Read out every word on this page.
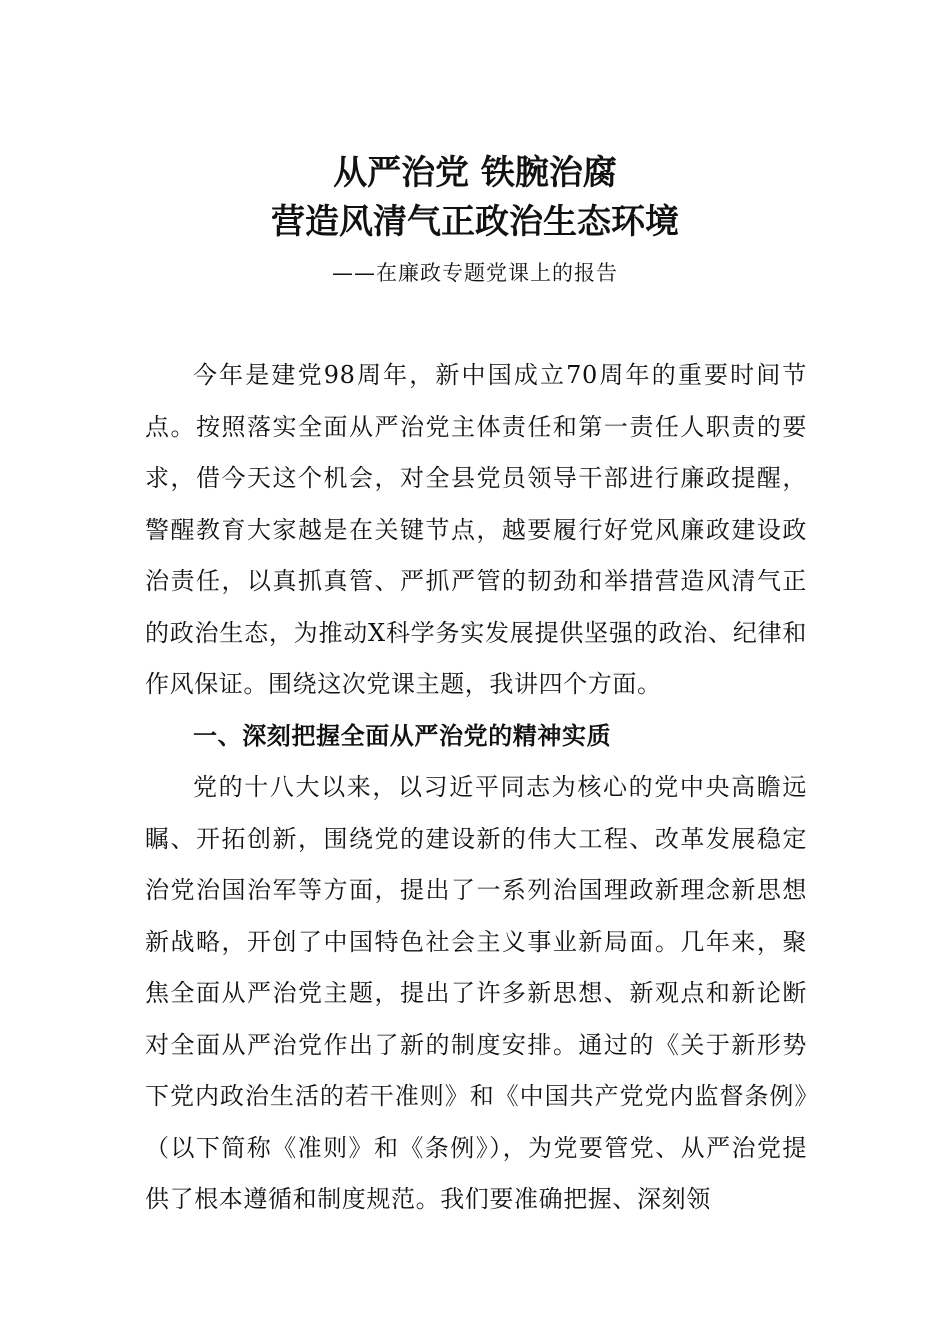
从严治党 铁腕治腐
营造风清气正政治生态环境

——在廉政专题党课上的报告

今年是建党98周年，新中国成立70周年的重要时间节点。按照落实全面从严治党主体责任和第一责任人职责的要求，借今天这个机会，对全县党员领导干部进行廉政提醒，警醒教育大家越是在关键节点，越要履行好党风廉政建设政治责任，以真抓真管、严抓严管的韧劲和举措营造风清气正的政治生态，为推动X科学务实发展提供坚强的政治、纪律和作风保证。围绕这次党课主题，我讲四个方面。

一、深刻把握全面从严治党的精神实质

党的十八大以来，以习近平同志为核心的党中央高瞻远瞩、开拓创新，围绕党的建设新的伟大工程、改革发展稳定治党治国治军等方面，提出了一系列治国理政新理念新思想新战略，开创了中国特色社会主义事业新局面。几年来，聚焦全面从严治党主题，提出了许多新思想、新观点和新论断对全面从严治党作出了新的制度安排。通过的《关于新形势下党内政治生活的若干准则》和《中国共产党党内监督条例》（以下简称《准则》和《条例》），为党要管党、从严治党提供了根本遵循和制度规范。我们要准确把握、深刻领
